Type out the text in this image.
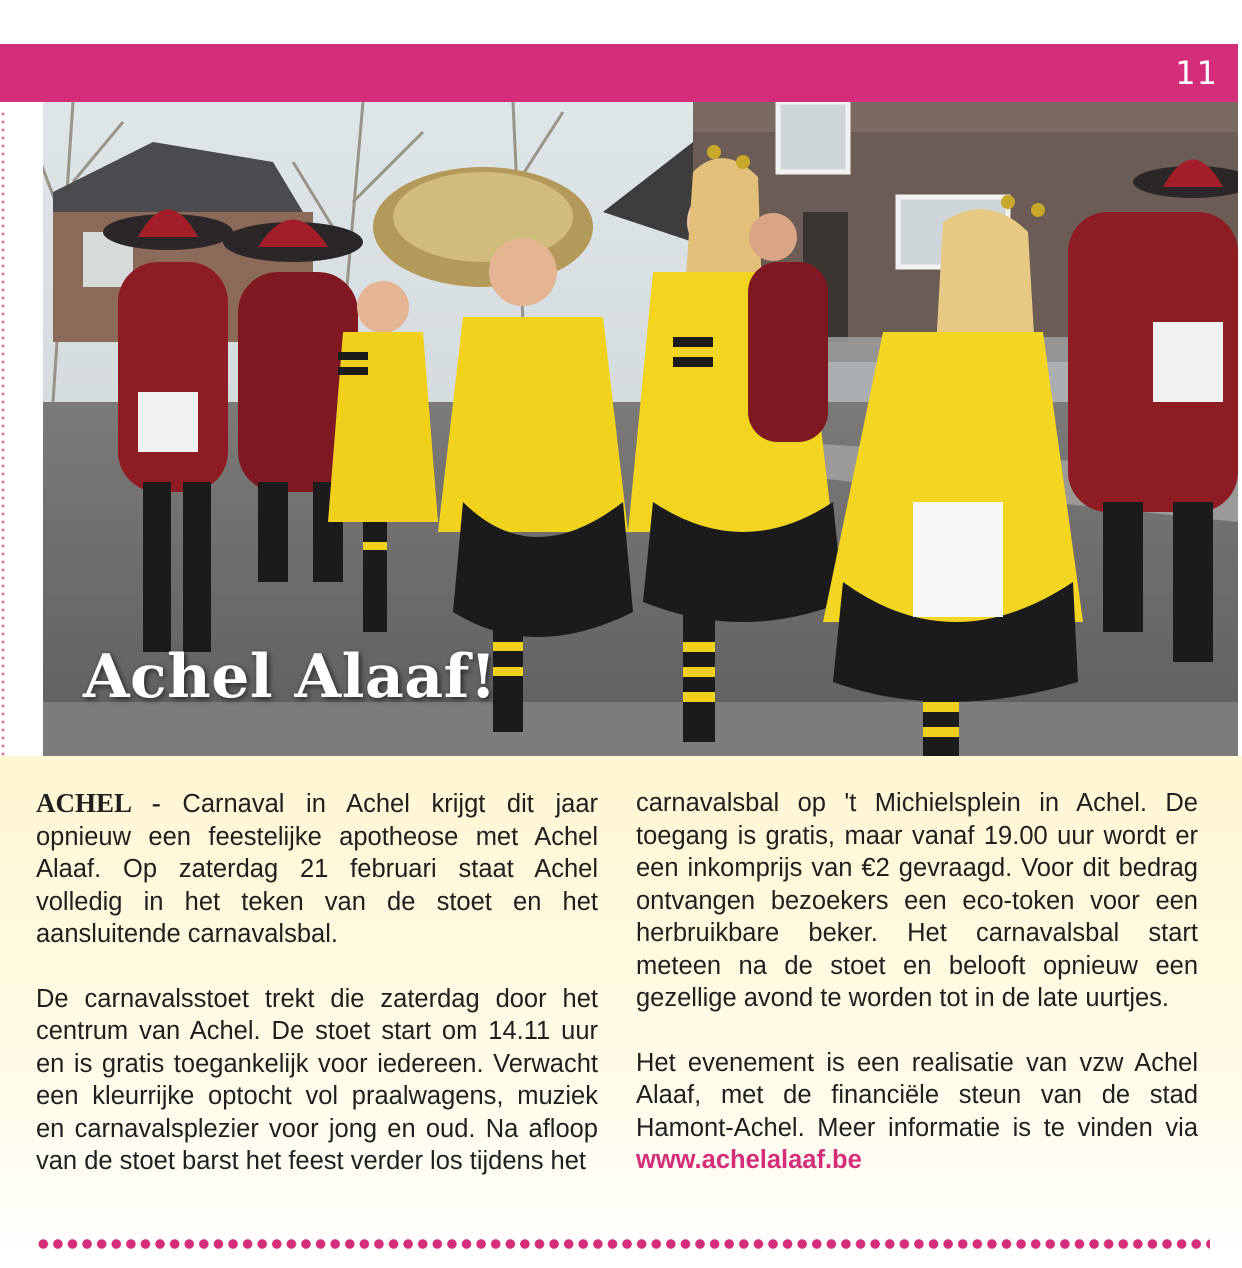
11
Achel Alaaf!

ACHEL - Carnaval in Achel krijgt dit jaar opnieuw een feestelijke apotheose met Achel Alaaf. Op zaterdag 21 februari staat Achel volledig in het teken van de stoet en het aansluitende carnavalsbal.

De carnavalsstoet trekt die zaterdag door het centrum van Achel. De stoet start om 14.11 uur en is gratis toegankelijk voor iedereen. Verwacht een kleurrijke optocht vol praalwagens, muziek en carnavalsplezier voor jong en oud. Na afloop van de stoet barst het feest verder los tijdens het

carnavalsbal op 't Michielsplein in Achel. De toegang is gratis, maar vanaf 19.00 uur wordt er een inkomprijs van €2 gevraagd. Voor dit bedrag ontvangen bezoekers een eco-token voor een herbruikbare beker. Het carnavalsbal start meteen na de stoet en belooft opnieuw een gezellige avond te worden tot in de late uurtjes.

Het evenement is een realisatie van vzw Achel Alaaf, met de financiële steun van de stad Hamont-Achel. Meer informatie is te vinden via www.achelalaaf.be
